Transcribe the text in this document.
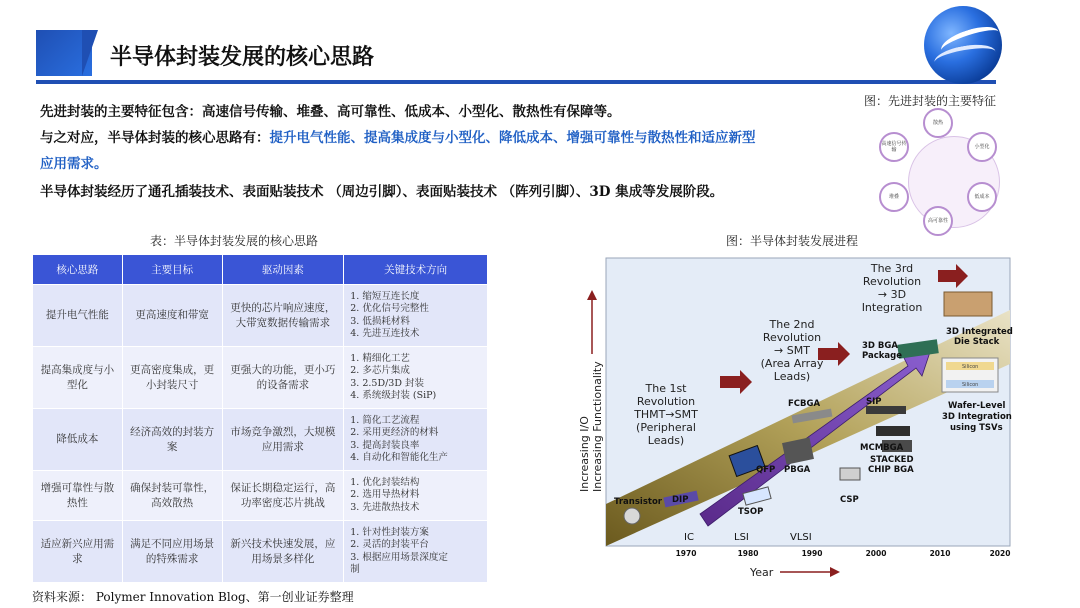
半导体封装发展的核心思路
先进封装的主要特征包含：高速信号传输、堆叠、高可靠性、低成本、小型化、散热性有保障等。
与之对应，半导体封装的核心思路有：提升电气性能、提高集成度与小型化、降低成本、增强可靠性与散热性和适应新型
应用需求。
半导体封装经历了通孔插装技术、表面贴装技术 （周边引脚）、表面贴装技术 （阵列引脚）、3D 集成等发展阶段。
图：先进封装的主要特征
散热
小型化
低成本
高可靠性
堆叠
高速信号传输
表：半导体封装发展的核心思路
核心思路	主要目标	驱动因素	关键技术方向
提升电气性能	更高速度和带宽	更快的芯片响应速度，大带宽数据传输需求	1. 缩短互连长度
2. 优化信号完整性
3. 低损耗材料
4. 先进互连技术

提高集成度与小型化	更高密度集成，更小封装尺寸	更强大的功能，更小巧的设备需求	1. 精细化工艺
2. 多芯片集成
3. 2.5D/3D 封装
4. 系统级封装 (SiP)

降低成本	经济高效的封装方案	市场竞争激烈，大规模应用需求	1. 简化工艺流程
2. 采用更经济的材料
3. 提高封装良率
4. 自动化和智能化生产

增强可靠性与散热性	确保封装可靠性，高效散热	保证长期稳定运行，高功率密度芯片挑战	1. 优化封装结构
2. 选用导热材料
3. 先进散热技术

适应新兴应用需求	满足不同应用场景的特殊需求	新兴技术快速发展，应用场景多样化	1. 针对性封装方案
2. 灵活的封装平台
3. 根据应用场景深度定
制
资料来源： Polymer Innovation Blog、第一创业证券整理
图：半导体封装发展进程
The 1st
Revolution
THMT→SMT
(Peripheral
Leads)
The 2nd
Revolution
→ SMT
(Area Array
Leads)
The 3rd
Revolution
→ 3D
Integration
Transistor DIP
QFP
TSOP
PBGA
FCBGA
CSP
SIP
MCMBGA
STACKED
CHIP BGA
3D BGA
Package
3D Integrated
Die Stack
Wafer-Level
3D Integration
using TSVs
Silicon
Silicon
IC	LSI	VLSI
1970	1980	1990	2000	2010	2020
Increasing I/O Increasing Functionality
Year
